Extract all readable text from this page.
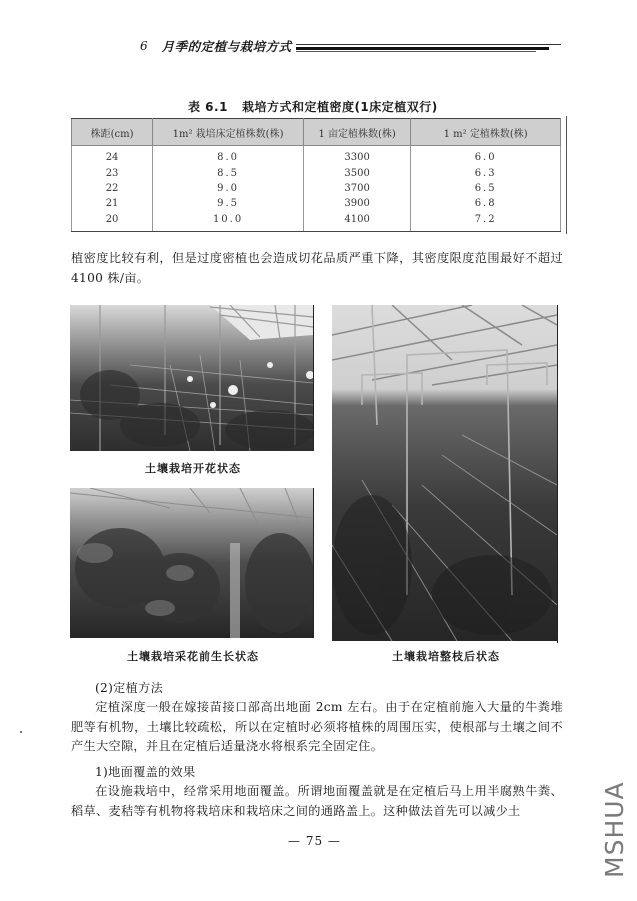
6 月季的定植与栽培方式
表 6.1 栽培方式和定植密度(1床定植双行)
株距(cm)	1m² 栽培床定植株数(株)	1 亩定植株数(株)	1 m² 定植株数(株)
24	8.0	3300	6.0
23	8.5	3500	6.3
22	9.0	3700	6.5
21	9.5	3900	6.8
20	10.0	4100	7.2
植密度比较有利，但是过度密植也会造成切花品质严重下降，其密度限度范围最好不超过 4100 株/亩。
土壤栽培开花状态
土壤栽培采花前生长状态	土壤栽培整枝后状态
(2)定植方法
定植深度一般在嫁接苗接口部高出地面 2cm 左右。由于在定植前施入大量的牛粪堆肥等有机物，土壤比较疏松，所以在定植时必须将植株的周围压实，使根部与土壤之间不产生大空隙，并且在定植后适量浇水将根系完全固定住。
1)地面覆盖的效果
在设施栽培中，经常采用地面覆盖。所谓地面覆盖就是在定植后马上用半腐熟牛粪、稻草、麦秸等有机物将栽培床和栽培床之间的通路盖上。这种做法首先可以减少土
— 75 —	MSHUA
